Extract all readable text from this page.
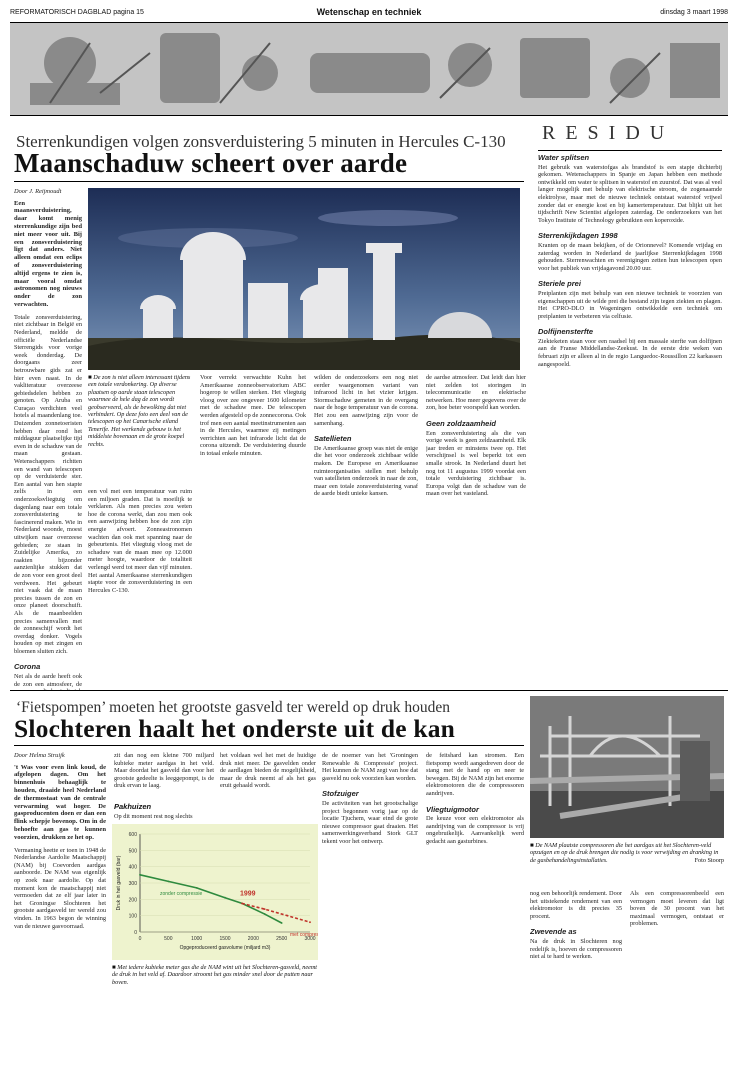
REFORMATORISCH DAGBLAD pagina 15	Wetenschap en techniek	dinsdag 3 maart 1998
Sterrenkundigen volgen zonsverduistering 5 minuten in Hercules C-130
Maanschaduw scheert over aarde
Door J. Reijmoudt
Een maansverduistering, daar komt menig sterrenkundige zijn bed niet meer voor uit. Bij een zonsverduistering ligt dat anders. Niet alleen omdat een eclips of zonsverduistering altijd ergens te zien is, maar vooral omdat astronomen nog nieuws onder de zon verwachten.
Totale zonsverduistering, niet zichtbaar in België en Nederland, meldde de officiële Nederlandse Sterrengids voor vorige week donderdag. De doorgaans zeer betrouwbare gids zat er hier even naast. In de vakliteratuur overzeese gebiedsdelen hebben zo genoten. Op Aruba en Curaçao verdichten veel hotels al maandenlang toe. Duizenden zonnetoeristen hebben daar rond het middaguur plaatselijke tijd even in de schaduw van de maan gestaan. Wetenschappers richtten een wand van telescopen op de verduisterde ster. Een aantal van hen stapte zelfs in een onderzoeksvliegtuig om dagenlang naar een totale zonsverduistering te fascinerend maken. Wie in Nederland woonde, moest uitwijken naar overzeese gebieden; ze staan in Zuidelijke Amerika, zo raakten bijzonder aanzienlijke stukken dat de zon voor een groot deel verdween. Het gebeurt niet vaak dat de maan precies tussen de zon en onze planeet doorschuift. Als de maanbeelden precies samenvallen met de zonneschijf wordt het overdag donker. Vogels houden op met zingen en bloemen sluiten zich.
Corona
Net als de aarde heeft ook de zon een atmosfeer, de
■ De zon is niet alleen interessant tijdens een totale verdonkering. Op diverse plaatsen op aarde staan telescopen waarmee de hele dag de zon wordt geobserveerd, als de bewolking dat niet verhindert. Op deze foto een deel van de telescopen op het Canarische eiland Tenerife. Het werkende gebouw is het middelste bovenaan en de grote koepel rechts.
een vol met een temperatuur van ruim een miljoen graden. Dat is moeilijk te verklaren. Als men precies zou weten hoe de corona werkt, dan zou men ook een aanwijzing hebben hoe de zon zijn energie afvoert. Zonneastronomen wachten dan ook met spanning naar de gebeurtenis. Het vliegtuig vloog met de schaduw van de maan mee op 12.000 meter hoogte, waardoor de totaliteit verlengd werd tot meer dan vijf minuten. Het aantal Amerikaanse sterrenkundigen stapte voor de zonsverduistering in een Hercules C-130.
Voor verrekt verwachtte Kuhn het Amerikaanse zonneobservatorium ABC hogerop te willen sterken. Het vliegtuig vloog over zee ongeveer 1600 kilometer met de schaduw mee. De telescopen werden afgesteld op de zonnecorona. Ook trof men een aantal meetinstrumenten aan in de Hercules, waarmee zij metingen verrichten aan het infrarode licht dat de corona uitzendt. De verduistering duurde in totaal enkele minuten.
wilden de onderzoekers een nog niet eerder waargenomen variant van infrarood licht in het vizier krijgen. Stormschaduw gemeten in de overgang naar de hoge temperatuur van de corona. Het zou een aanwijzing zijn voor de samenhang.
Satellieten
De Amerikaanse groep was niet de enige die het voor onderzoek zichtbaar wilde maken. De Europese en Amerikaanse ruimteorganisaties stellen met behulp van satellieten onderzoek in naar de zon, maar een totale zonsverduistering vanaf de aarde biedt unieke kansen.
de aardse atmosfeer. Dat leidt dan hier niet zelden tot storingen in telecommunicatie en elektrische netwerken. Hoe meer gegevens over de zon, hoe beter voorspeld kan worden.
Geen zoldzaamheid
Een zonsverduistering als die van vorige week is geen zeldzaamheid. Elk jaar treden er minstens twee op. Het verschijnsel is wel beperkt tot een smalle strook. In Nederland duurt het nog tot 11 augustus 1999 voordat een totale verduistering zichtbaar is. Europa volgt dan de schaduw van de maan over het vasteland.
RESIDU
Water splitsen
Het gebruik van waterstofgas als brandstof is een stapje dichterbij gekomen. Wetenschappers in Spanje en Japan hebben een methode ontwikkeld om water te splitsen in waterstof en zuurstof. Dat was al veel langer mogelijk met behulp van elektrische stroom, de zogenaamde elektrolyse, maar met de nieuwe techniek ontstaat waterstof vrijwel zonder dat er energie kost en bij kamertemperatuur. Dat blijkt uit het tijdschrift New Scientist afgelopen zaterdag. De onderzoekers van het Tokyo Institute of Technology gebruikten een koperoxide.
Sterrenkijkdagen 1998
Kranten op de maan bekijken, of de Orionnevel? Komende vrijdag en zaterdag worden in Nederland de jaarlijkse Sterrenkijkdagen 1998 gehouden. Sterrenwachten en verenigingen zetten hun telescopen open voor het publiek van vrijdagavond 20.00 uur.
Steriele prei
Preiplanten zijn met behulp van een nieuwe techniek te voorzien van eigenschappen uit de wilde prei die bestand zijn tegen ziekten en plagen. Het CPRO-DLO in Wageningen ontwikkelde een techniek om preiplanten te verbeteren via celfusie.
Dolfijnensterfte
Ziekteketen staan voor een raadsel bij een massale sterfte van dolfijnen aan de Franse Middellandse-Zeekust. In de eerste drie weken van februari zijn er alleen al in de regio Languedoc-Roussillon 22 karkassen aangespoeld.
‘Fietspompen’ moeten het grootste gasveld ter wereld op druk houden
Slochteren haalt het onderste uit de kan
Door Helma Struijk
't Was voor even link koud, de afgelopen dagen. Om het binnenhuis behaaglijk te houden, draaide heel Nederland de thermostaat van de centrale verwarming wat hoger. De gasproducenten doen er dan een flink schepje bovenop. Om in de behoefte aan gas te kunnen voorzien, drukken ze het op.
Vermaning heette er toen in 1948 de Nederlandse Aardolie Maatschappij (NAM) bij Coevorden aardgas aanboorde. De NAM was eigenlijk op zoek naar aardolie. Op dat moment kon de maatschappij niet vermoeden dat ze elf jaar later in het Groningse Slochteren het grootste aardgasveld ter wereld zou vinden. In 1963 begon de winning van de nieuwe gasvoorraad.
zit dan nog een kleine 700 miljard kubieke meter aardgas in het veld. Maar doordat het gasveld dan voor het grootste gedeelte is leeggepompt, is de druk ervan te laag.
Pakhuizen
Op dit moment rest nog slechts
het voldaan wel het met de huidige druk niet meer. De gasvelden onder de aardlagen bieden de mogelijkheid, maar de druk neemt af als het gas eruit gehaald wordt.
0	500	1000	1500	2000	2500	3000
0
100
200
300
400
500
600
Opgeproduceerd gasvolume (miljard m3)
Druk in het gasveld (bar)	zonder compressie
met compres
1999
■ Met iedere kubieke meter gas die de NAM wint uit het Slochteren-gasveld, neemt de druk in het veld af. Daardoor stroomt het gas minder snel door de putten naar boven.
de de noemer van het 'Groningen Renewable & Compressie' project. Het kunnen de NAM zegt van hoe dat gasveld nu ook voorzien kan worden.
Stofzuiger
De activiteiten van het grootschalige project begonnen vorig jaar op de locatie Tjuchem, waar eind de grote nieuwe compressor gaat draaien. Het samenwerkingsverband Stork GLT tekent voor het ontwerp.
de feitshard kan stromen. Een fietspomp wordt aangedreven door de stang met de hand op en neer te bewegen. Bij de NAM zijn het enorme elektromotoren die de compressoren aandrijven.
Vliegtuigmotor
De keuze voor een elektromotor als aandrijving van de compressor is vrij ongebruikelijk. Aanvankelijk werd gedacht aan gasturbines.
■ De NAM plaatste compressoren die het aardgas uit het Slochteren-veld opzuigen en op de druk brengen die nodig is voor verwijding en dranking in de gasbehandelingsinstallaties.	Foto Stoorp
nog een behoorlijk rendement. Door het uitstekende rendement van een elektromotor is dit precies 35 procent.
Zwevende as
Na de druk in Slochteren nog redelijk is, hoeven de compressoren niet al te hard te werken.
Als een compressorenbeeld een vermogen moet leveren dat ligt boven de 30 procent van het maximaal vermogen, ontstaat er problemen.
